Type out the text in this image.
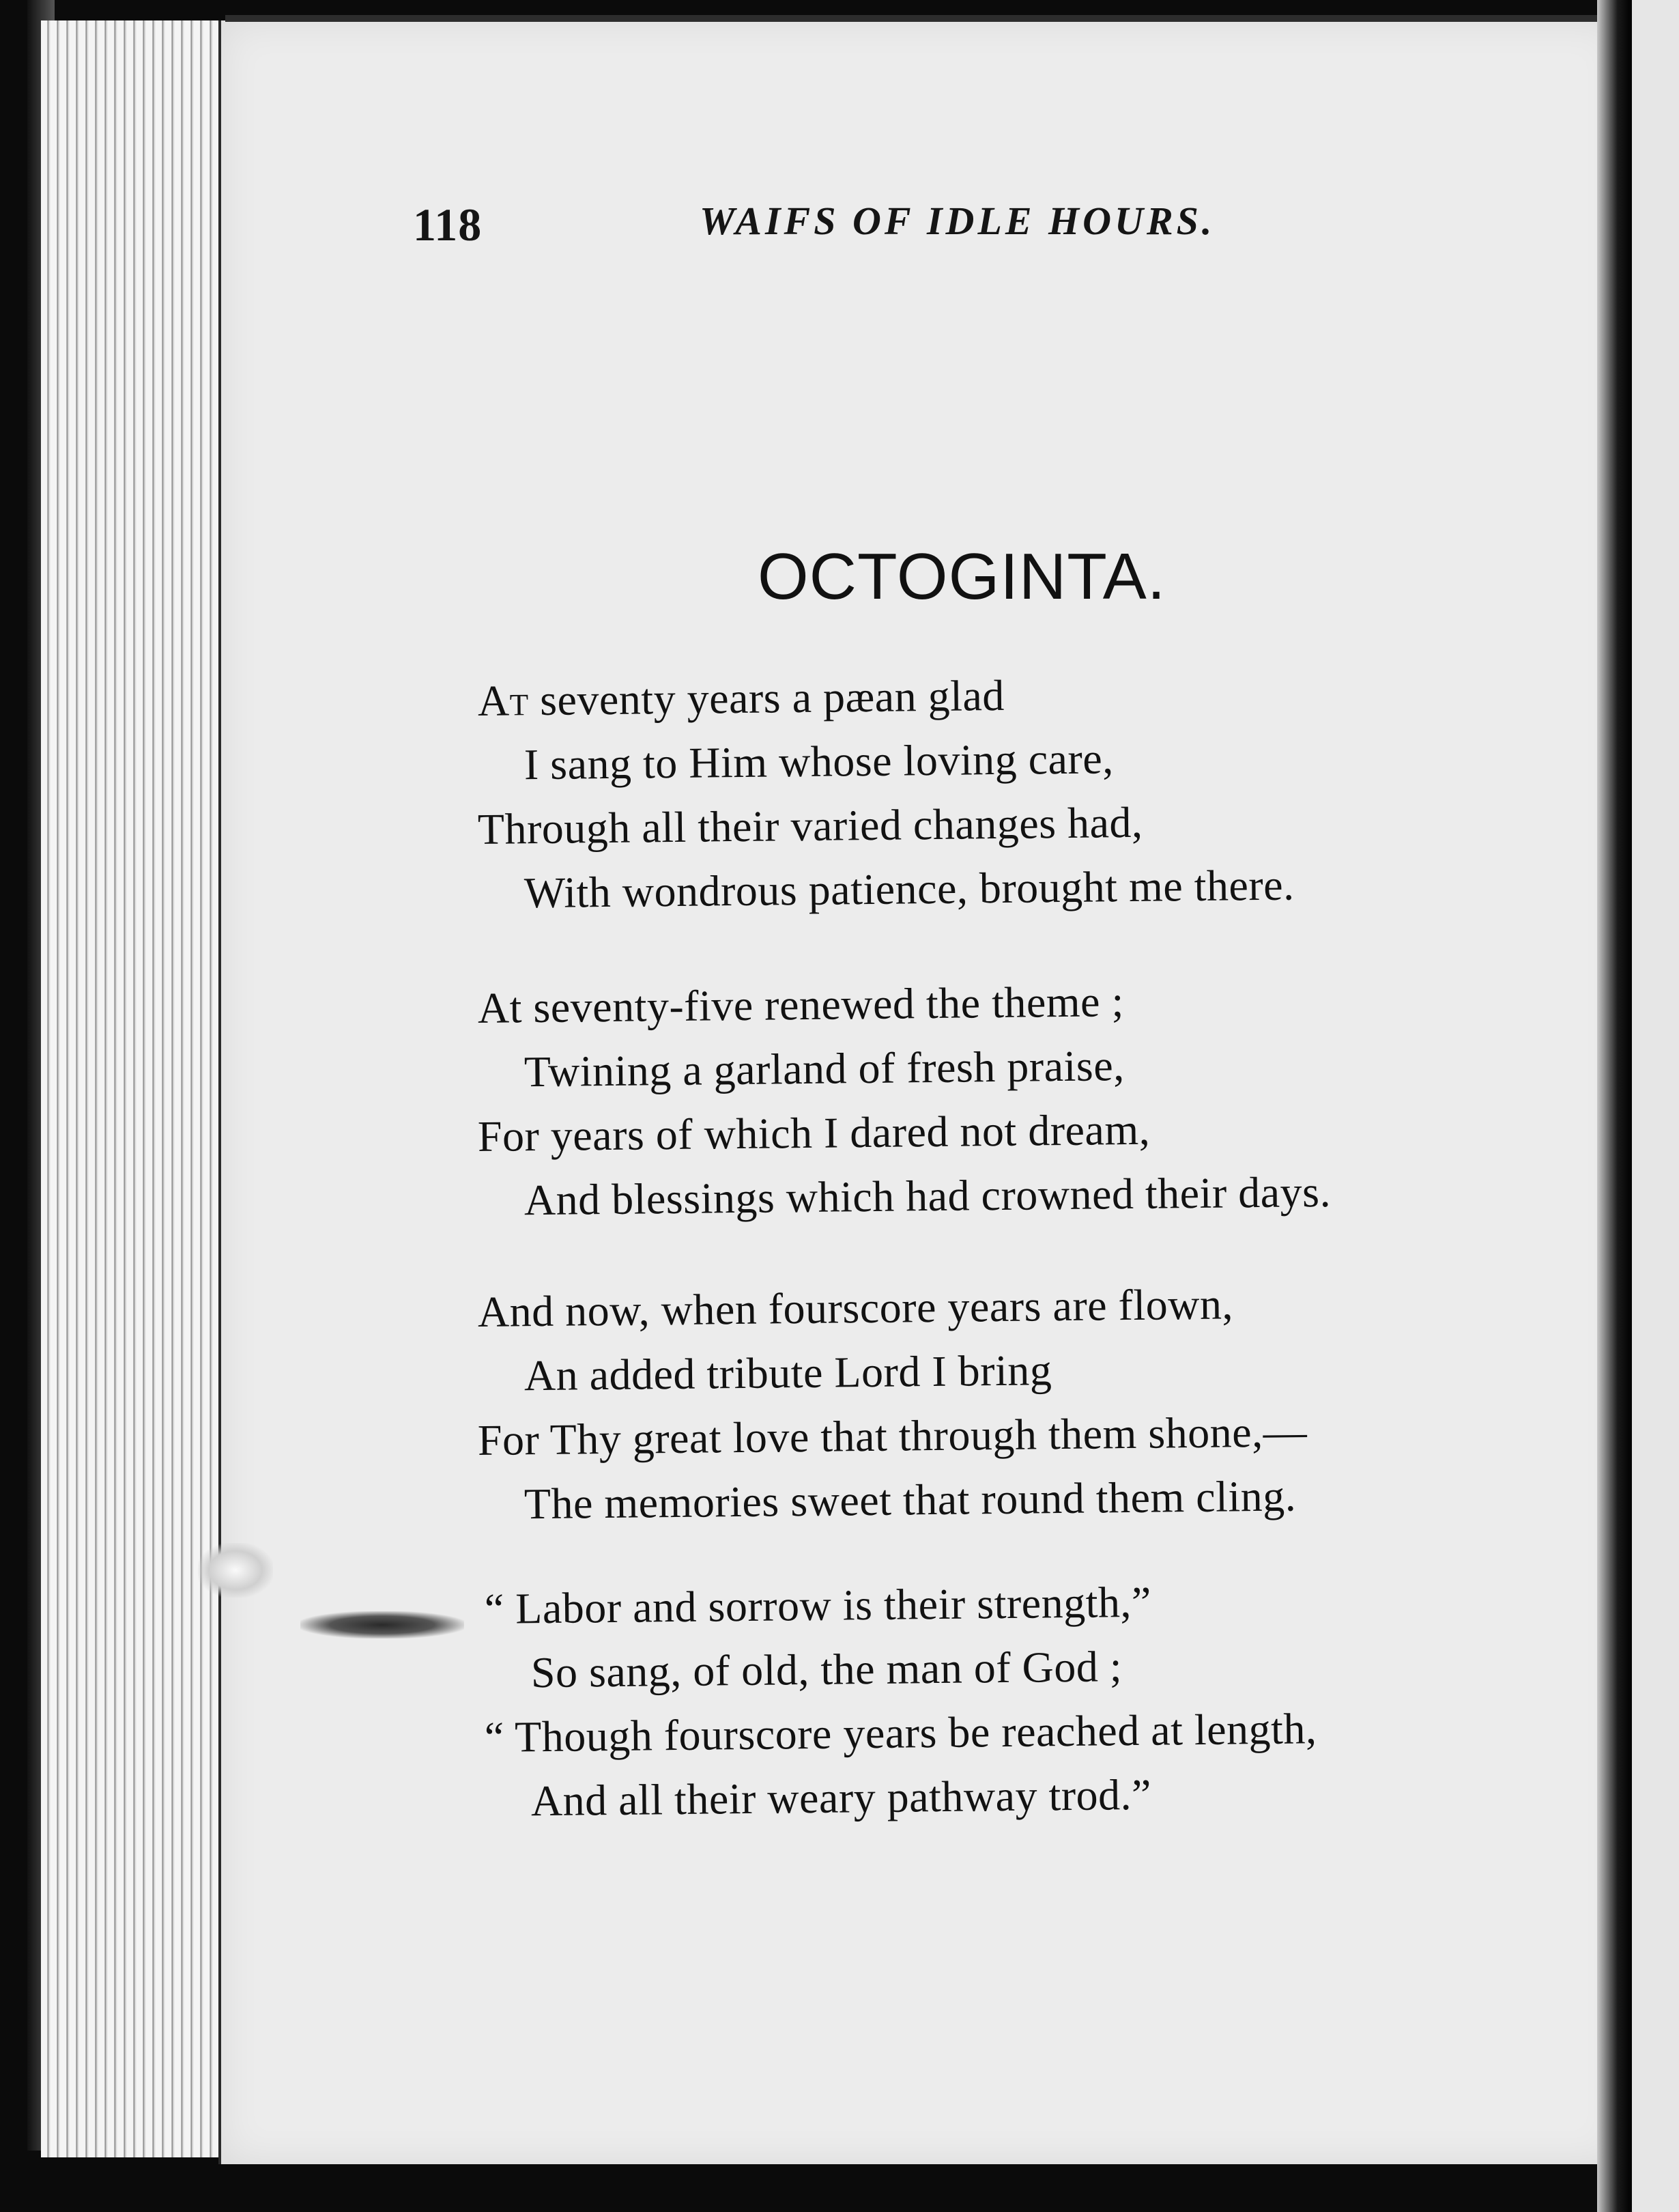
118	WAIFS OF IDLE HOURS.
OCTOGINTA.
At seventy years a pæan glad
I sang to Him whose loving care,
Through all their varied changes had,
With wondrous patience, brought me there.
At seventy-five renewed the theme ;
Twining a garland of fresh praise,
For years of which I dared not dream,
And blessings which had crowned their days.
And now, when fourscore years are flown,
An added tribute Lord I bring
For Thy great love that through them shone,—
The memories sweet that round them cling.
“ Labor and sorrow is their strength,”
So sang, of old, the man of God ;
“ Though fourscore years be reached at length,
And all their weary pathway trod.”
